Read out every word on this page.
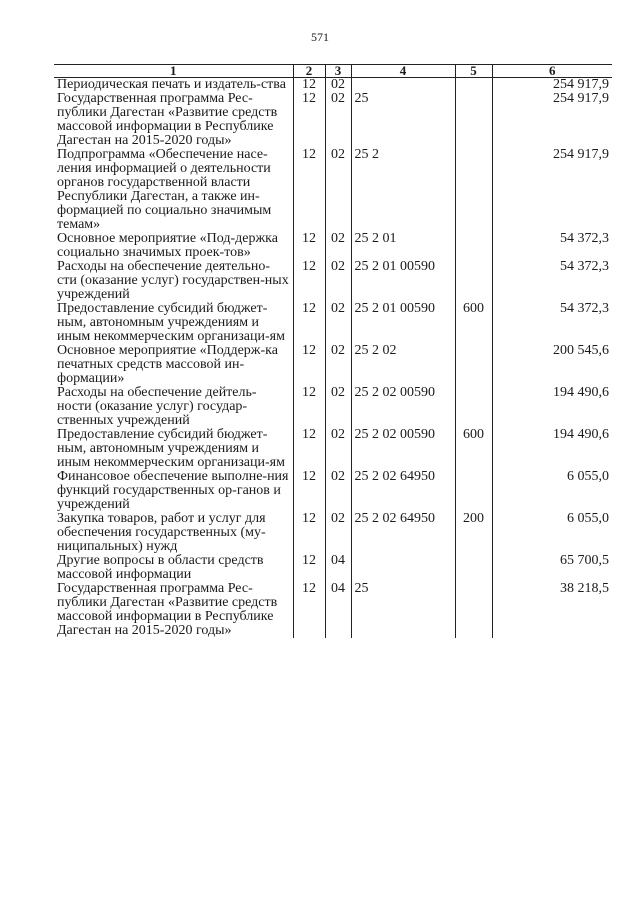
571
1	2	3	4	5	6
Периодическая печать и издатель-ства	12	02			254 917,9
Государственная программа Рес-публики Дагестан «Развитие средств массовой информации в Республике Дагестан на 2015-2020 годы»	12	02	25		254 917,9
Подпрограмма «Обеспечение насе-ления информацией о деятельности органов государственной власти Республики Дагестан, а также ин-формацией по социально значимым темам»	12	02	25 2		254 917,9
Основное мероприятие «Под-держка социально значимых проек-тов»	12	02	25 2 01		54 372,3
Расходы на обеспечение деятельно-сти (оказание услуг) государствен-ных учреждений	12	02	25 2 01 00590		54 372,3
Предоставление субсидий бюджет-ным, автономным учреждениям и иным некоммерческим организаци-ям	12	02	25 2 01 00590	600	54 372,3
Основное мероприятие «Поддерж-ка печатных средств массовой ин-формации»	12	02	25 2 02		200 545,6
Расходы на обеспечение дейтель-ности (оказание услуг) государ-ственных учреждений	12	02	25 2 02 00590		194 490,6
Предоставление субсидий бюджет-ным, автономным учреждениям и иным некоммерческим организаци-ям	12	02	25 2 02 00590	600	194 490,6
Финансовое обеспечение выполне-ния функций государственных ор-ганов и учреждений	12	02	25 2 02 64950		6 055,0
Закупка товаров, работ и услуг для обеспечения государственных (му-ниципальных) нужд	12	02	25 2 02 64950	200	6 055,0
Другие вопросы в области средств массовой информации	12	04			65 700,5
Государственная программа Рес-публики Дагестан «Развитие средств массовой информации в Республике Дагестан на 2015-2020 годы»	12	04	25		38 218,5
